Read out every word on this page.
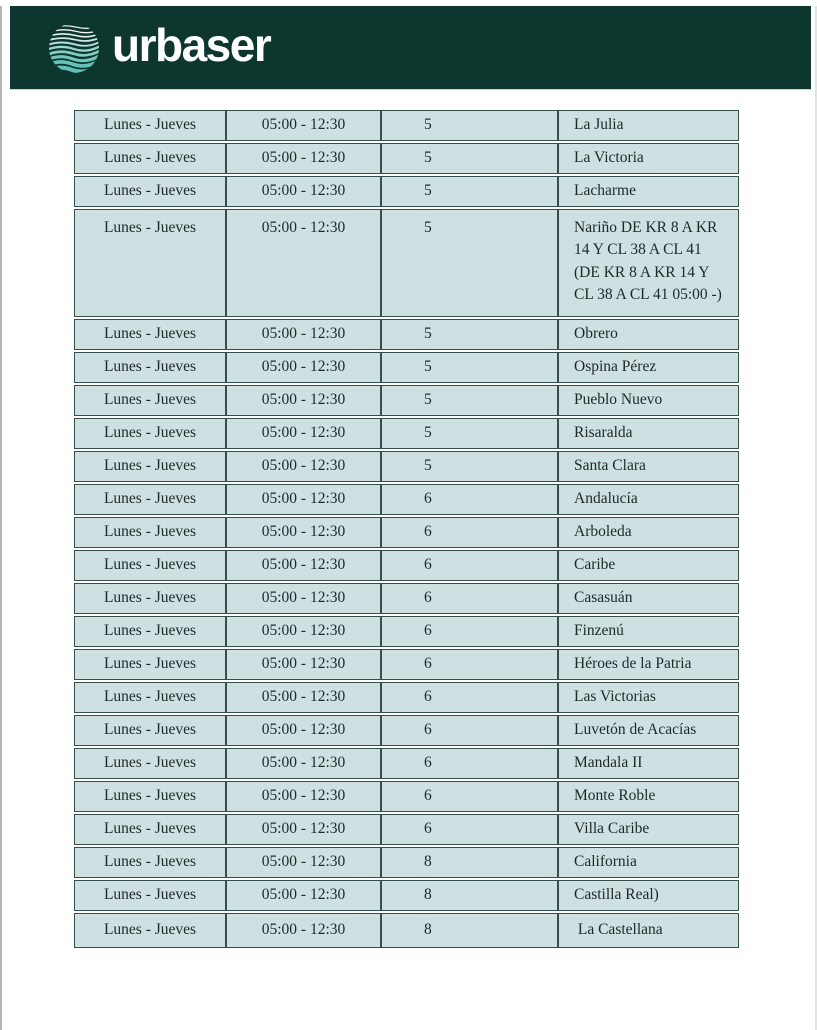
urbaser
Lunes - Jueves	05:00 - 12:30	5	La Julia
Lunes - Jueves	05:00 - 12:30	5	La Victoria
Lunes - Jueves	05:00 - 12:30	5	Lacharme
Lunes - Jueves	05:00 - 12:30	5	Nariño DE KR 8 A KR 14 Y CL 38 A CL 41 (DE KR 8 A KR 14 Y CL 38 A CL 41 05:00 -)
Lunes - Jueves	05:00 - 12:30	5	Obrero
Lunes - Jueves	05:00 - 12:30	5	Ospina Pérez
Lunes - Jueves	05:00 - 12:30	5	Pueblo Nuevo
Lunes - Jueves	05:00 - 12:30	5	Risaralda
Lunes - Jueves	05:00 - 12:30	5	Santa Clara
Lunes - Jueves	05:00 - 12:30	6	Andalucía
Lunes - Jueves	05:00 - 12:30	6	Arboleda
Lunes - Jueves	05:00 - 12:30	6	Caribe
Lunes - Jueves	05:00 - 12:30	6	Casasuán
Lunes - Jueves	05:00 - 12:30	6	Finzenú
Lunes - Jueves	05:00 - 12:30	6	Héroes de la Patria
Lunes - Jueves	05:00 - 12:30	6	Las Victorias
Lunes - Jueves	05:00 - 12:30	6	Luvetón de Acacías
Lunes - Jueves	05:00 - 12:30	6	Mandala II
Lunes - Jueves	05:00 - 12:30	6	Monte Roble
Lunes - Jueves	05:00 - 12:30	6	Villa Caribe
Lunes - Jueves	05:00 - 12:30	8	California
Lunes - Jueves	05:00 - 12:30	8	Castilla Real)
Lunes - Jueves	05:00 - 12:30	8	La Castellana
